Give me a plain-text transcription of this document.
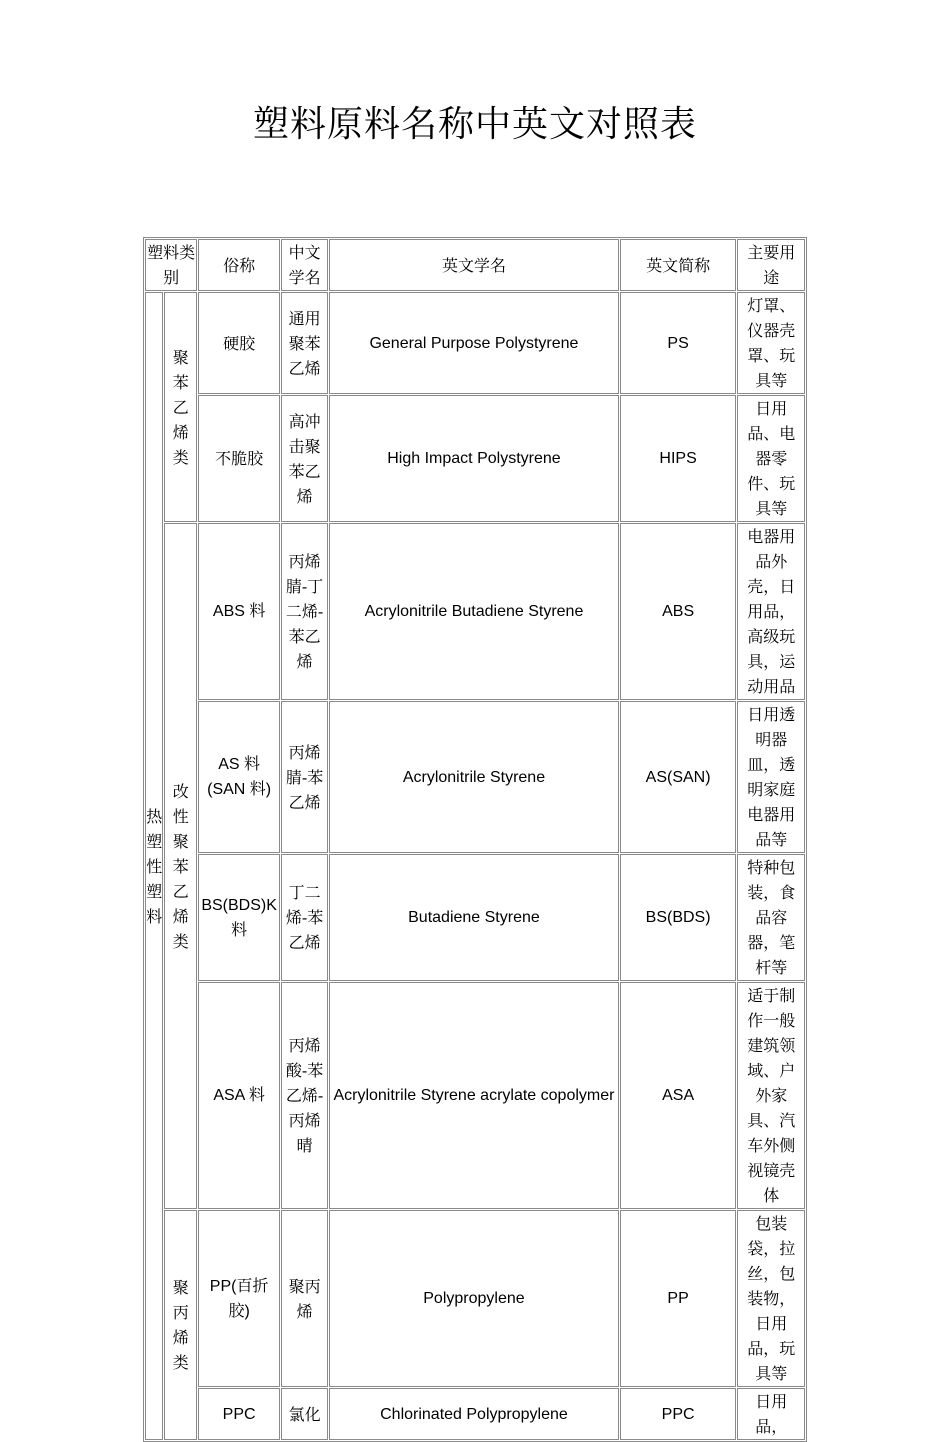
塑料原料名称中英文对照表
塑料类别		俗称	中文学名	英文学名	英文简称	主要用途
热塑性塑料	聚苯乙烯类	硬胶	通用聚苯乙烯	General Purpose Polystyrene	PS	灯罩、仪器壳罩、玩具等
		不脆胶	高冲击聚苯乙烯	High Impact Polystyrene	HIPS	日用品、电器零件、玩具等
	改性聚苯乙烯类	ABS 料	丙烯腈-丁二烯-苯乙烯	Acrylonitrile Butadiene Styrene	ABS	电器用品外壳，日用品，高级玩具，运动用品
		AS 料(SAN 料)	丙烯腈-苯乙烯	Acrylonitrile Styrene	AS(SAN)	日用透明器皿，透明家庭电器用品等
		BS(BDS)K 料	丁二烯-苯乙烯	Butadiene Styrene	BS(BDS)	特种包装，食品容器，笔杆等
		ASA 料	丙烯酸-苯乙烯-丙烯晴	Acrylonitrile Styrene acrylate copolymer	ASA	适于制作一般建筑领域、户外家具、汽车外侧视镜壳体
	聚丙烯类	PP(百折胶)	聚丙烯	Polypropylene	PP	包装袋，拉丝，包装物，日用品，玩具等
		PPC	氯化	Chlorinated Polypropylene	PPC	日用品，
